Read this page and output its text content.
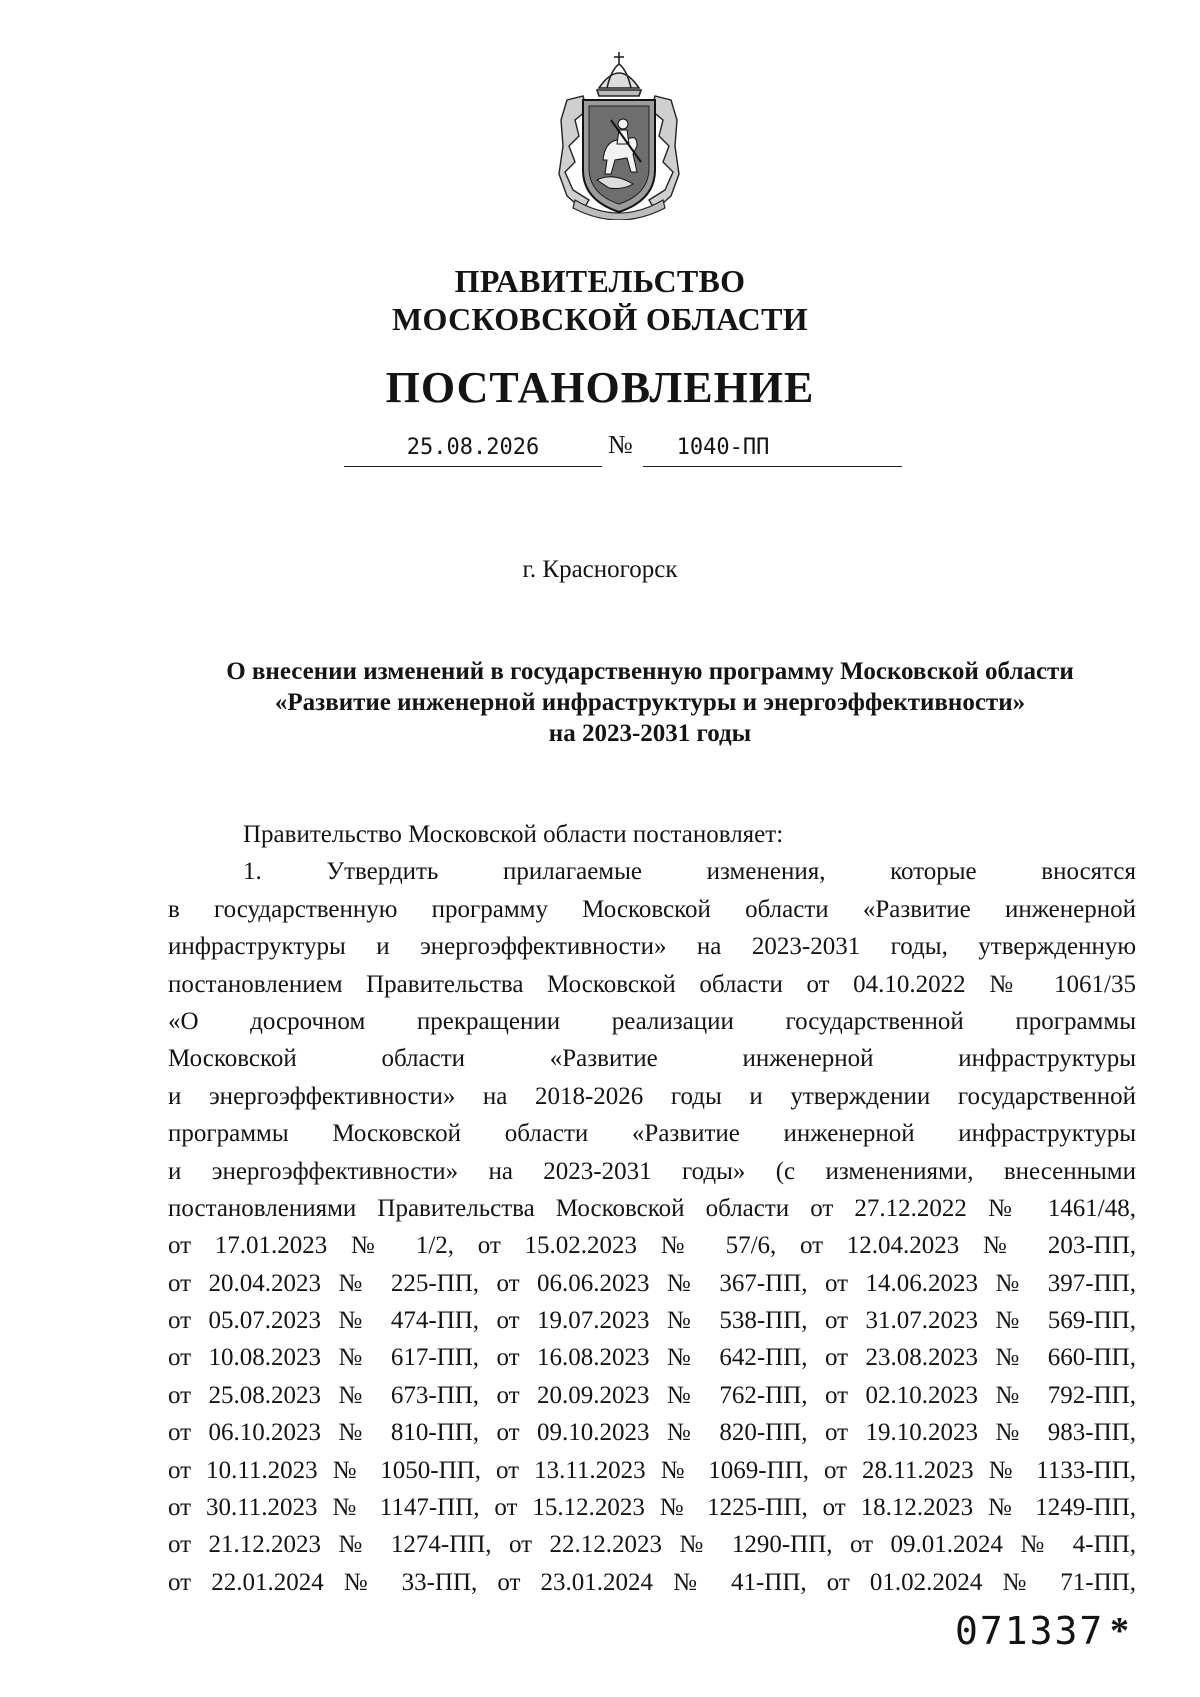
ПРАВИТЕЛЬСТВО
МОСКОВСКОЙ ОБЛАСТИ
ПОСТАНОВЛЕНИЕ
25.08.2026	№	1040-ПП
г. Красногорск
О внесении изменений в государственную программу Московской области
«Развитие инженерной инфраструктуры и энергоэффективности»
на 2023-2031 годы
Правительство Московской области постановляет:
1. Утвердить прилагаемые изменения, которые вносятся
в государственную программу Московской области «Развитие инженерной
инфраструктуры и энергоэффективности» на 2023-2031 годы, утвержденную
постановлением Правительства Московской области от 04.10.2022 № 1061/35
«О досрочном прекращении реализации государственной программы
Московской области «Развитие инженерной инфраструктуры
и энергоэффективности» на 2018-2026 годы и утверждении государственной
программы Московской области «Развитие инженерной инфраструктуры
и энергоэффективности» на 2023-2031 годы» (с изменениями, внесенными
постановлениями Правительства Московской области от 27.12.2022 № 1461/48,
от 17.01.2023 № 1/2, от 15.02.2023 № 57/6, от 12.04.2023 № 203-ПП,
от 20.04.2023 № 225-ПП, от 06.06.2023 № 367-ПП, от 14.06.2023 № 397-ПП,
от 05.07.2023 № 474-ПП, от 19.07.2023 № 538-ПП, от 31.07.2023 № 569-ПП,
от 10.08.2023 № 617-ПП, от 16.08.2023 № 642-ПП, от 23.08.2023 № 660-ПП,
от 25.08.2023 № 673-ПП, от 20.09.2023 № 762-ПП, от 02.10.2023 № 792-ПП,
от 06.10.2023 № 810-ПП, от 09.10.2023 № 820-ПП, от 19.10.2023 № 983-ПП,
от 10.11.2023 № 1050-ПП, от 13.11.2023 № 1069-ПП, от 28.11.2023 № 1133-ПП,
от 30.11.2023 № 1147-ПП, от 15.12.2023 № 1225-ПП, от 18.12.2023 № 1249-ПП,
от 21.12.2023 № 1274-ПП, от 22.12.2023 № 1290-ПП, от 09.01.2024 № 4-ПП,
от 22.01.2024 № 33-ПП, от 23.01.2024 № 41-ПП, от 01.02.2024 № 71-ПП,
071337 *
